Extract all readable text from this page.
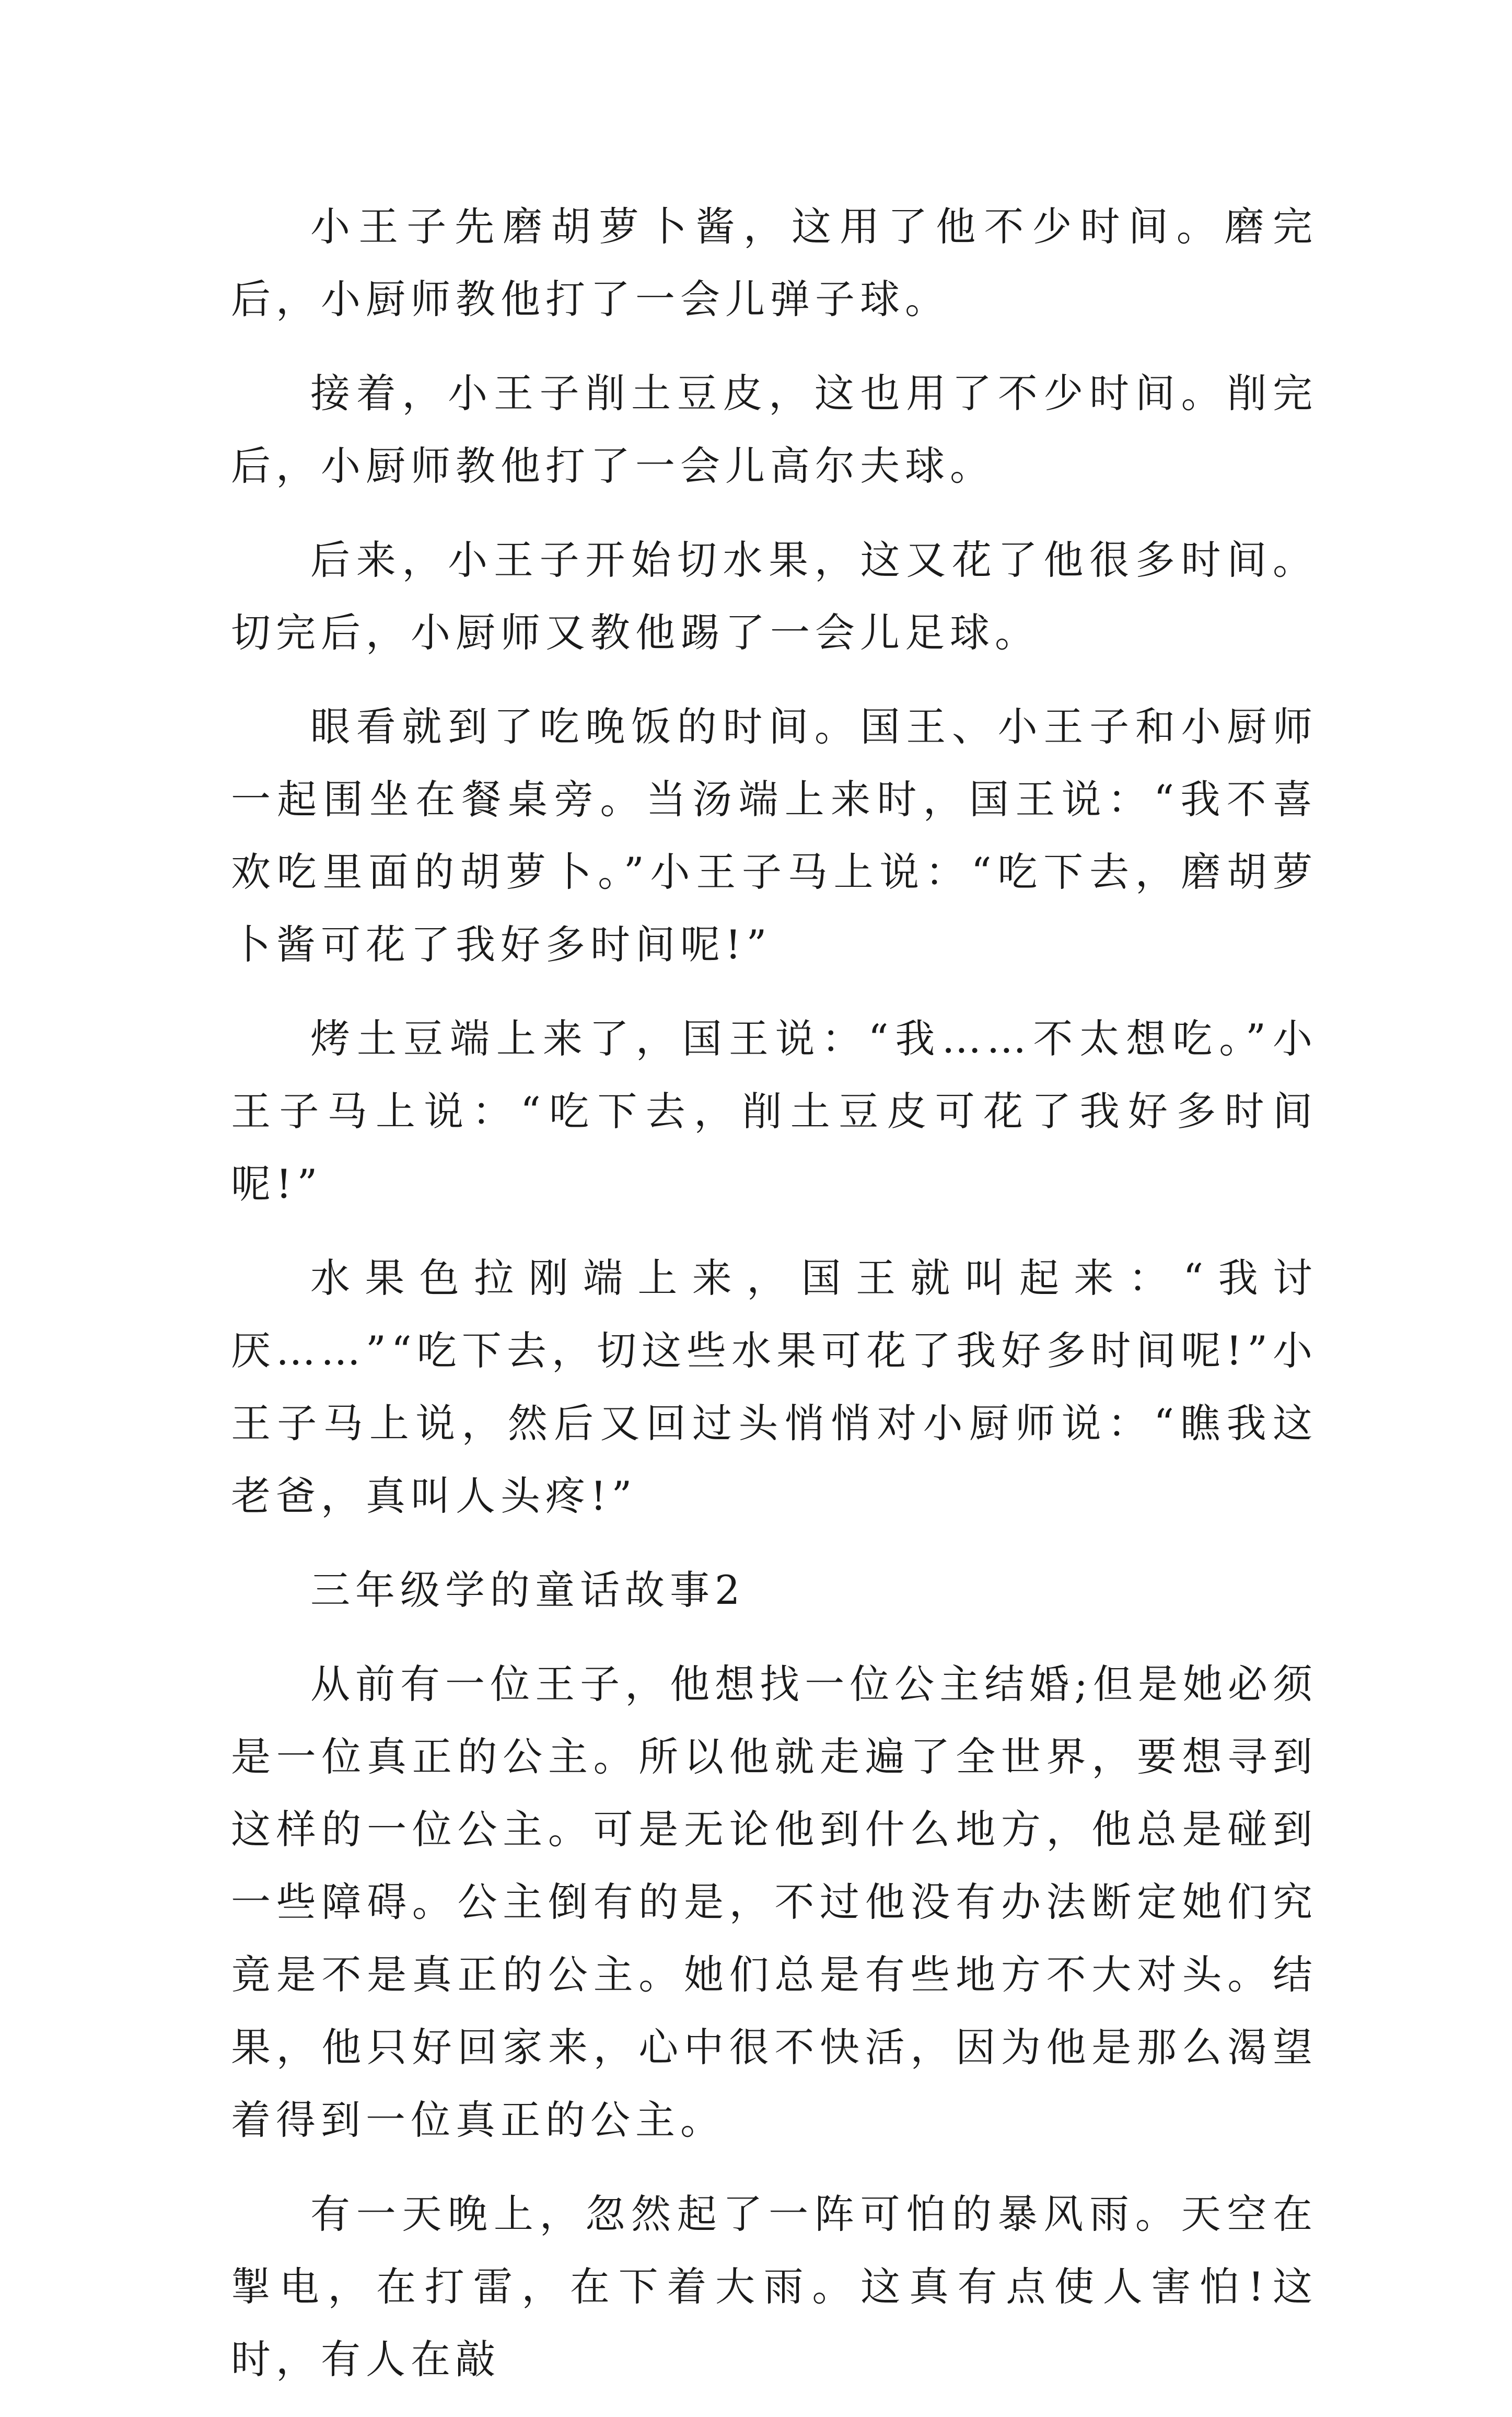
小王子先磨胡萝卜酱，这用了他不少时间。磨完后，小厨师教他打了一会儿弹子球。

接着，小王子削土豆皮，这也用了不少时间。削完后，小厨师教他打了一会儿高尔夫球。

后来，小王子开始切水果，这又花了他很多时间。切完后，小厨师又教他踢了一会儿足球。

眼看就到了吃晚饭的时间。国王、小王子和小厨师一起围坐在餐桌旁。当汤端上来时，国王说：“我不喜欢吃里面的胡萝卜。”小王子马上说：“吃下去，磨胡萝卜酱可花了我好多时间呢!”

烤土豆端上来了，国王说：“我……不太想吃。”小王子马上说：“吃下去，削土豆皮可花了我好多时间呢!”

水果色拉刚端上来，国王就叫起来：“我讨厌……”“吃下去，切这些水果可花了我好多时间呢!”小王子马上说，然后又回过头悄悄对小厨师说：“瞧我这老爸，真叫人头疼!”

三年级学的童话故事2

从前有一位王子，他想找一位公主结婚;但是她必须是一位真正的公主。所以他就走遍了全世界，要想寻到这样的一位公主。可是无论他到什么地方，他总是碰到一些障碍。公主倒有的是，不过他没有办法断定她们究竟是不是真正的公主。她们总是有些地方不大对头。结果，他只好回家来，心中很不快活，因为他是那么渴望着得到一位真正的公主。

有一天晚上，忽然起了一阵可怕的暴风雨。天空在掣电，在打雷，在下着大雨。这真有点使人害怕!这时，有人在敲
